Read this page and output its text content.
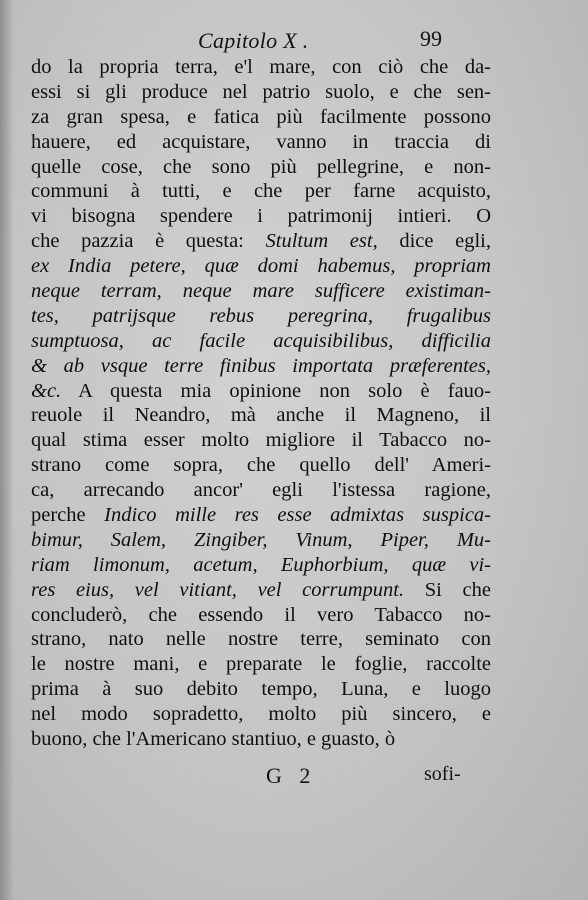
Capitolo X .	99
do la propria terra, e'l mare, con ciò che da-
essi si gli produce nel patrio suolo, e che sen-
za gran spesa, e fatica più facilmente possono
hauere, ed acquistare, vanno in traccia di
quelle cose, che sono più pellegrine, e non-
communi à tutti, e che per farne acquisto,
vi bisogna spendere i patrimonij intieri. O
che pazzia è questa: Stultum est, dice egli,
ex India petere, quæ domi habemus, propriam
neque terram, neque mare sufficere existiman-
tes, patrijsque rebus peregrina, frugalibus
sumptuosa, ac facile acquisibilibus, difficilia
& ab vsque terre finibus importata præferentes,
&c. A questa mia opinione non solo è fauo-
reuole il Neandro, mà anche il Magneno, il
qual stima esser molto migliore il Tabacco no-
strano come sopra, che quello dell' Ameri-
ca, arrecando ancor' egli l'istessa ragione,
perche Indico mille res esse admixtas suspica-
bimur, Salem, Zingiber, Vinum, Piper, Mu-
riam limonum, acetum, Euphorbium, quæ vi-
res eius, vel vitiant, vel corrumpunt. Si che
concluderò, che essendo il vero Tabacco no-
strano, nato nelle nostre terre, seminato con
le nostre mani, e preparate le foglie, raccolte
prima à suo debito tempo, Luna, e luogo
nel modo sopradetto, molto più sincero, e
buono, che l'Americano stantiuo, e guasto, ò
G 2	sofi-
